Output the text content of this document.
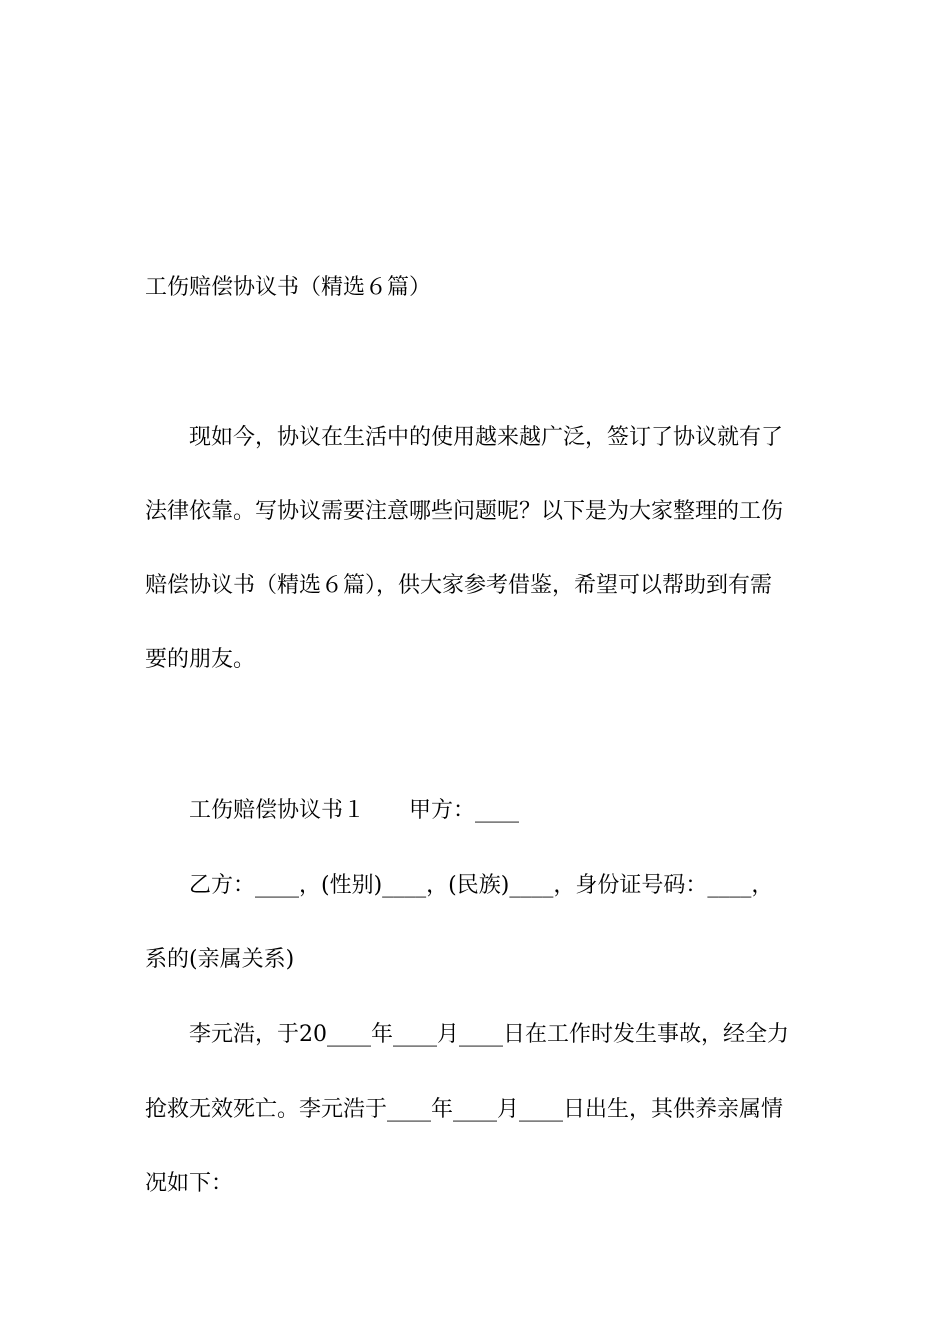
工伤赔偿协议书（精选６篇）
现如今，协议在生活中的使用越来越广泛，签订了协议就有了
法律依靠。写协议需要注意哪些问题呢？以下是为大家整理的工伤
赔偿协议书（精选６篇），供大家参考借鉴，希望可以帮助到有需
要的朋友。
工伤赔偿协议书１ 甲方：____
乙方：____，(性别)____，(民族)____，身份证号码：____，
系的(亲属关系)
李元浩，于20____年____月____日在工作时发生事故，经全力
抢救无效死亡。李元浩于____年____月____日出生，其供养亲属情
况如下：
